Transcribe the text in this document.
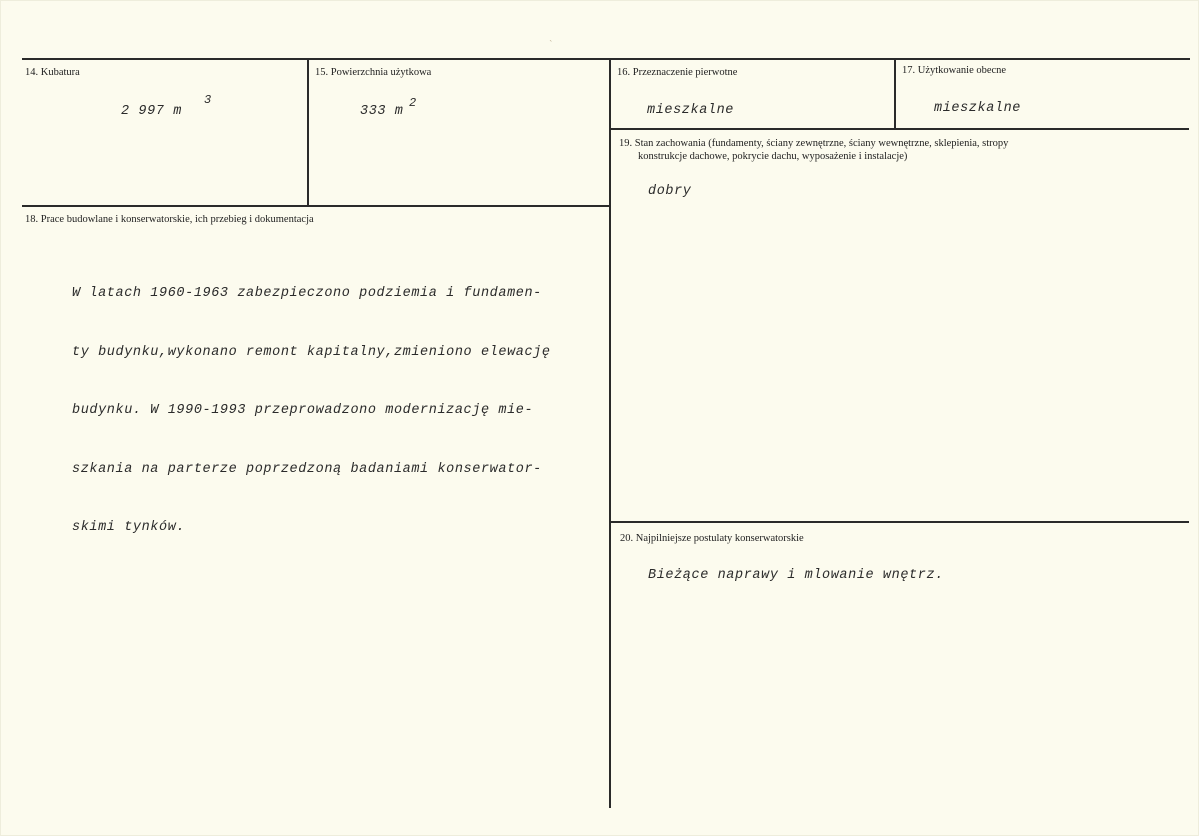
`
14. Kubatura
2 997 m
3
15. Powierzchnia użytkowa
333 m
2
16. Przeznaczenie pierwotne
mieszkalne
17. Użytkowanie obecne
mieszkalne
18. Prace budowlane i konserwatorskie, ich przebieg i dokumentacja

W latach 1960-1963 zabezpieczono podziemia i fundamen-

ty budynku,wykonano remont kapitalny,zmieniono elewację

budynku. W 1990-1993 przeprowadzono modernizację mie-

szkania na parterze poprzedzoną badaniami konserwator-

skimi tynków.

19. Stan zachowania (fundamenty, ściany zewnętrzne, ściany wewnętrzne, sklepienia, stropy
konstrukcje dachowe, pokrycie dachu, wyposażenie i instalacje)
dobry
20. Najpilniejsze postulaty konserwatorskie
Bieżące naprawy i mlowanie wnętrz.
